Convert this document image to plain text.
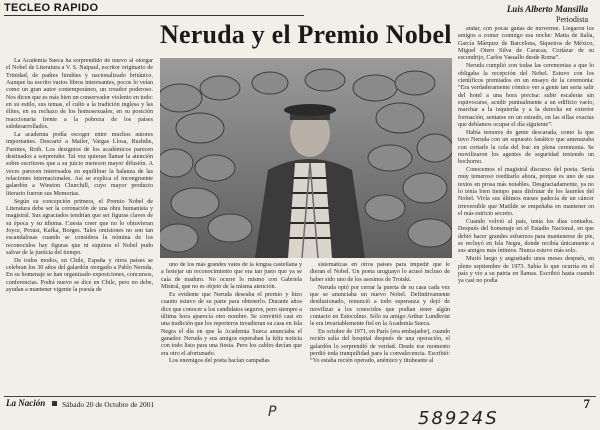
TECLEO RAPIDO	Luis Alberto Mansilla
Periodista
Neruda y el Premio Nobel

La Academia Sueca ha sorprendido de nuevo al otorgar el Nobel de Literatura a V. S. Naipaul, escritor originario de Trinidad, de padres hindúes y nacionalizado británico. Aunque ha escrito varios libros interesantes, pocos lo veían como un gran autor contemporáneo, un creador poderoso. Nos dicen que es más bien un conservador violento en todo: en su estilo, sus temas, el culto a la tradición inglesa y las élites, en su rechazo de los homosexuales, en su posición reaccionaria frente a la pobreza de los países subdesarrollados.

La academia podía escoger entre muchos autores importantes. Descartó a Mailer, Vargas Llosa, Rushdie, Fuentes, Roth. Los designios de los académicos parecen destinados a sorprender. Tal vez quieran llamar la atención sobre escritores que a su juicio merecen mayor difusión. A veces parecen interesados en equilibrar la balanza de las relaciones internacionales. Así se explica el incongruente galardón a Winston Churchill, cuyo mayor producto literario fueron sus Memorias.

Según su concepción primera, el Premio Nobel de Literatura debe ser la coronación de una obra humanista y magistral. Sus agraciados tendrían que ser figuras claves de su época y su idioma. Cuesta creer que no lo obtuvieran Joyce, Proust, Kafka, Borges. Tales omisiones no son tan escandalosas cuando se considera la nómina de los reconocidos hay figuras que ni siquiera el Nobel pudo salvar de la justicia del tiempo.

De todos modos, en Chile, España y otros países se celebran los 30 años del galardón otorgado a Pablo Neruda. En su homenaje se han organizado exposiciones, concursos, conferencias. Podrá nuevo se dice en Chile, pero no debe, ayudan a mantener vigente la poesía de

uno de los más grandes vates de la lengua castellana y a festejar un reconocimiento que era tan justo que ya se caía de maduro. No ocurre lo mismo con Gabriela Mistral, que no es objeto de la misma atención.

Es evidente que Neruda deseaba el premio y hizo cuanto estuvo de su parte para obtenerlo. Durante años dice que conocer a los candidatos seguros, pero siempre a última hora aparecía otro nombre. Se convirtió casi en una tradición que los reporteros invadieran su casa en Isla Negra el día en que la Academia Sueca anunciaba el ganador. Neruda y sus amigos esperaban la feliz noticia con todo listo para una fiesta. Pero los cables decían que era otro el afortunado.

Los enemigos del poeta hacían campañas

sistemáticas en otros países para impedir que le dieran el Nobel. Un poeta uruguayo lo acusó incluso de haber sido uno de los asesinos de Trotski.

Neruda optó por cerrar la puerta de su casa cada vez que se anunciaba un nuevo Nobel. Definitivamente desilusionado, renunció a todo esperanza y dejó de movilizar a los conocidos que podían tener algún contacto en Estocolmo. Sólo su amigo Arthur Lundkvist le era invariablemente fiel en la Academia Sueca.

En octubre de 1971, en París (era embajador), cuando recién salía del hospital después de una operación, el galardón lo sorprendió de verdad. Desde ese momento perdió toda tranquilidad para la convalecencia. Escribió: “Yo estaba recién operado, anémico y titubeante al

andar, con pocas ganas de moverme. Llegaron los amigos a comer conmigo esa noche: Matta de Italia, García Márquez de Barcelona, Siqueiros de México, Miguel Otero Silva de Caracas, Cortázar de su escondrijo, Carlos Vassallo desde Roma”.

Neruda cumplió con todas las ceremonias a que lo obligaba la recepción del Nobel. Estuvo con los científicos premiados en un ensayo de la ceremonia: “Era verdaderamente cómico ver a gente tan seria salir del hotel a una hora precisa: subir escaleras sin equivocarse, acudir puntualmente a un edificio vacío, marchar a la izquierda y a la derecha en exterior formación, sentarse en un estrado, en las sillas exactas que debíamos ocupar el día siguiente”.

Había temores de gente descarada, como la que tuvo Neruda con un supuesto fanático que amenazaba con cortarle la cola del frac en plena ceremonia. Se movilizaron los agentes de seguridad teniendo un bochorno.

Conocemos el magistral discurso del poeta. Sería muy temeroso reeditarlo ahora, porque es uno de sus textos en prosa más notables. Desgraciadamente, ya no lo tenía bien tiempo para disfrutar de los laureles del Nobel. Vivía sus últimos meses padecía de un cáncer irreversible que Matilde se empeñaba en mantener en el más estricto secreto.

Cuando volvió al país, tenía los días contados. Después del homenaje en el Estadio Nacional, en que debió hacer grandes esfuerzos para mantenerse de pie, se recluyó en Isla Negra, donde recibía únicamente a sus amigos más íntimos. Nunca estuvo más solo.

Murió luego y angustiado unos meses después, en pleno septiembre de 1973. Sabía lo que ocurría en el país y vio a su patria en llamas. Escribió hasta cuando ya casi no podía

La Nación Sábado 20 de Octubre de 2001	7
P	58924S
